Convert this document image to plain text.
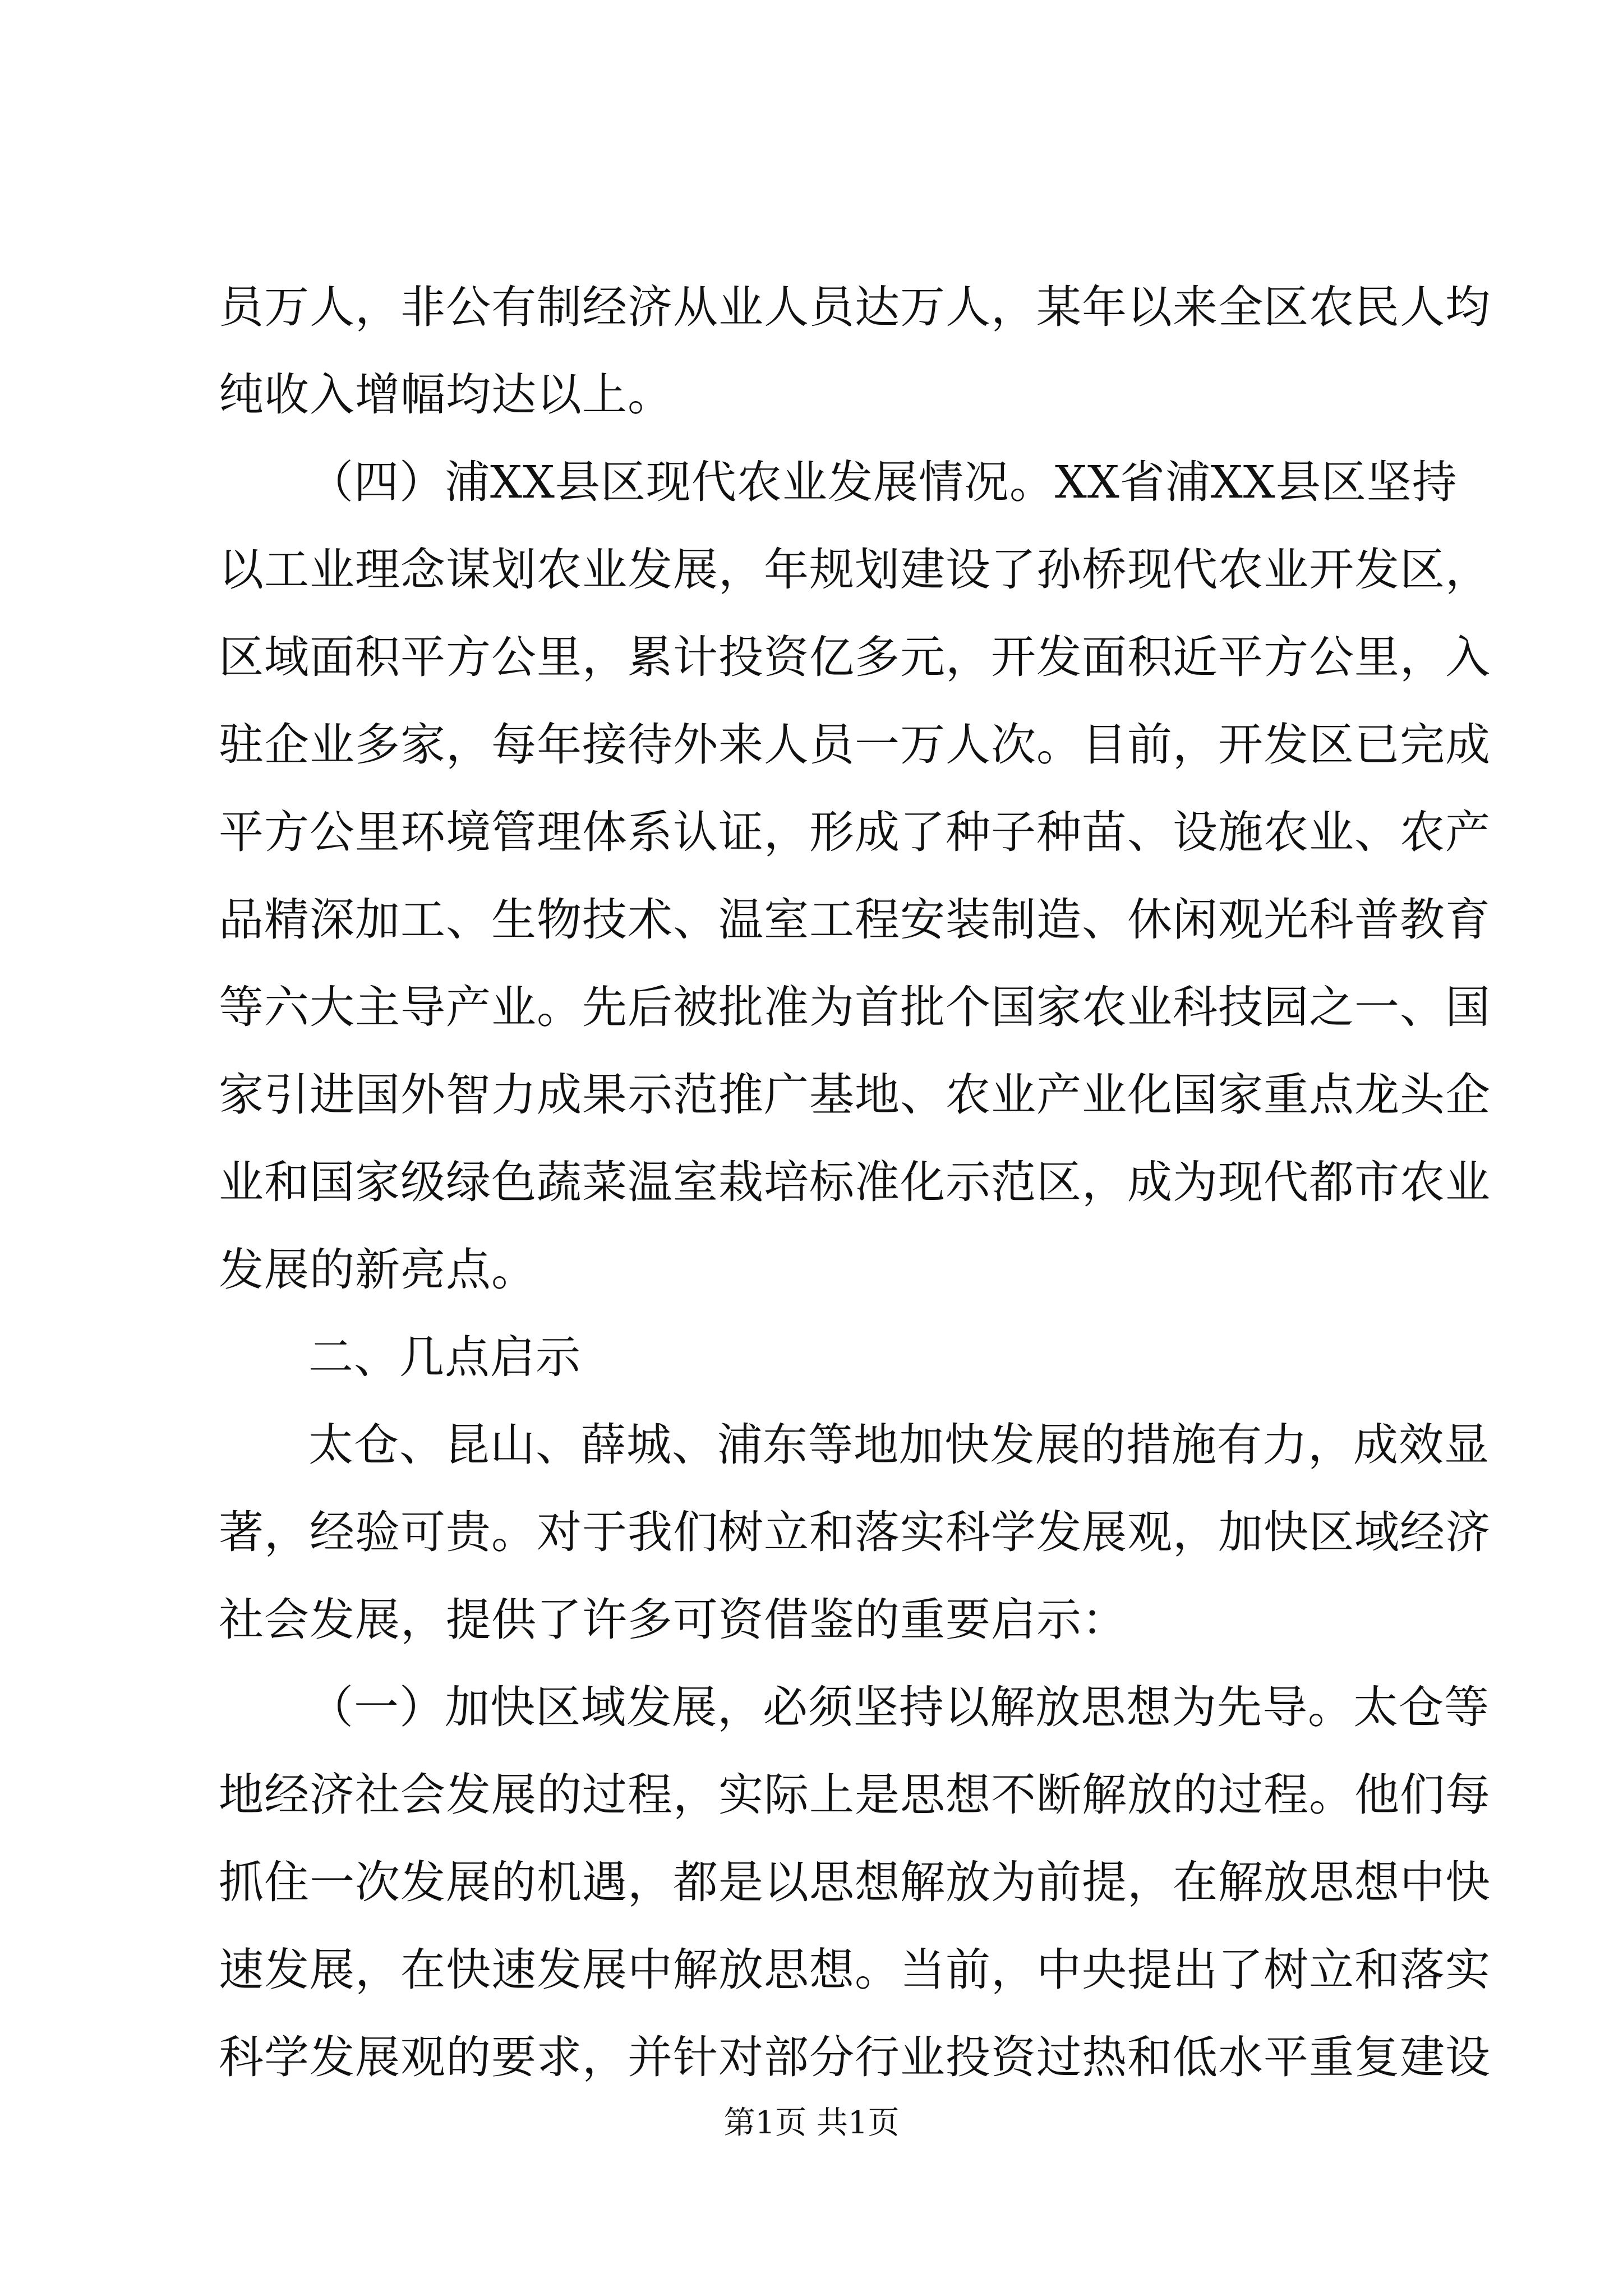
员万人，非公有制经济从业人员达万人，某年以来全区农民人均
纯收入增幅均达以上。
（四）浦XX县区现代农业发展情况。XX省浦XX县区坚持
以工业理念谋划农业发展，年规划建设了孙桥现代农业开发区，
区域面积平方公里，累计投资亿多元，开发面积近平方公里，入
驻企业多家，每年接待外来人员一万人次。目前，开发区已完成
平方公里环境管理体系认证，形成了种子种苗、设施农业、农产
品精深加工、生物技术、温室工程安装制造、休闲观光科普教育
等六大主导产业。先后被批准为首批个国家农业科技园之一、国
家引进国外智力成果示范推广基地、农业产业化国家重点龙头企
业和国家级绿色蔬菜温室栽培标准化示范区，成为现代都市农业
发展的新亮点。
二、几点启示
太仓、昆山、薛城、浦东等地加快发展的措施有力，成效显
著，经验可贵。对于我们树立和落实科学发展观，加快区域经济
社会发展，提供了许多可资借鉴的重要启示：
（一）加快区域发展，必须坚持以解放思想为先导。太仓等
地经济社会发展的过程，实际上是思想不断解放的过程。他们每
抓住一次发展的机遇，都是以思想解放为前提，在解放思想中快
速发展，在快速发展中解放思想。当前，中央提出了树立和落实
科学发展观的要求，并针对部分行业投资过热和低水平重复建设
第1页 共1页
